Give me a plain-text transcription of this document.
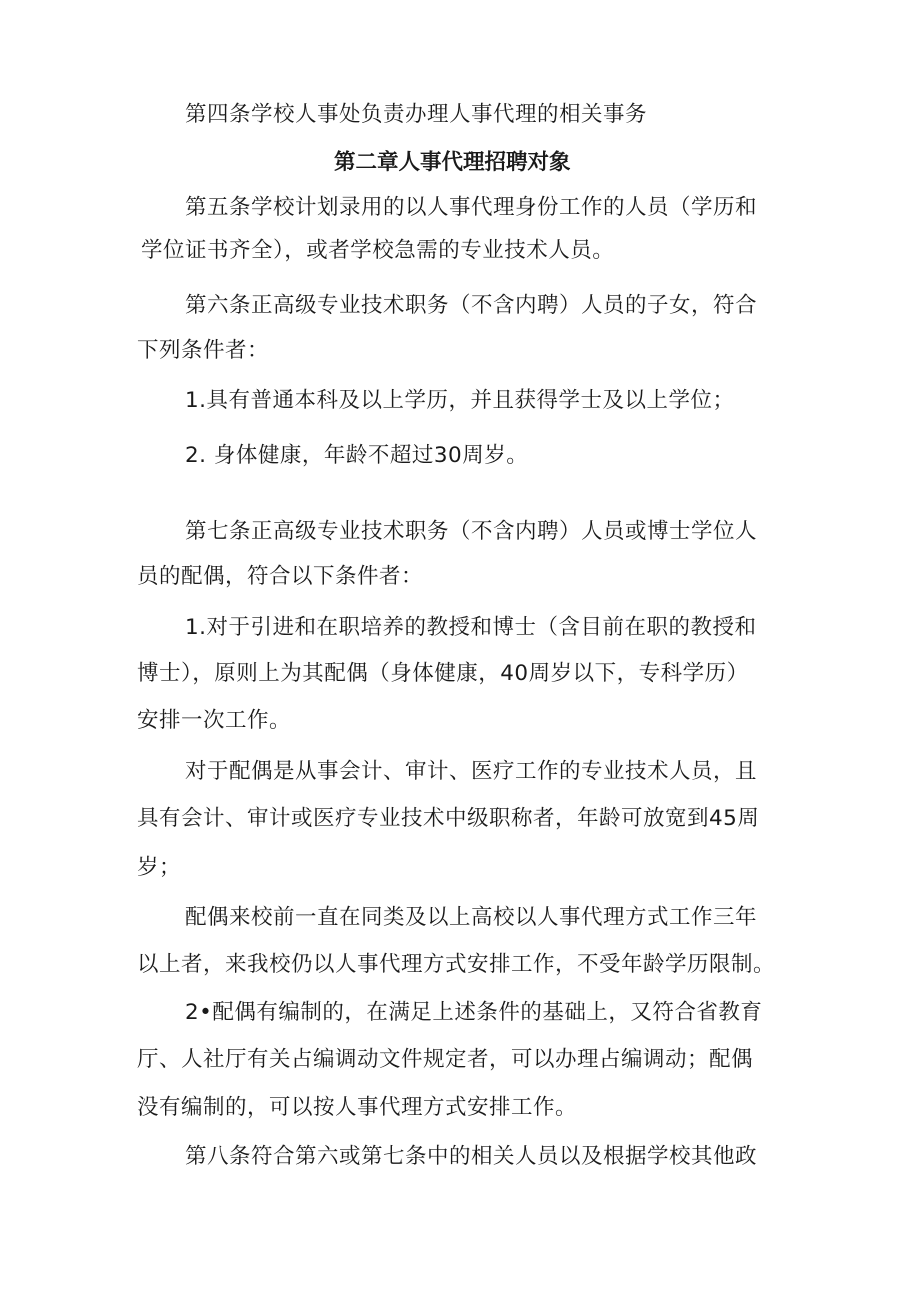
第四条学校人事处负责办理人事代理的相关事务
第二章人事代理招聘对象
第五条学校计划录用的以人事代理身份工作的人员（学历和
学位证书齐全），或者学校急需的专业技术人员。
第六条正高级专业技术职务（不含内聘）人员的子女，符合
下列条件者：
1.具有普通本科及以上学历，并且获得学士及以上学位；
2. 身体健康，年龄不超过30周岁。
第七条正高级专业技术职务（不含内聘）人员或博士学位人
员的配偶，符合以下条件者：
1.对于引进和在职培养的教授和博士（含目前在职的教授和
博士），原则上为其配偶（身体健康，40周岁以下，专科学历）
安排一次工作。
对于配偶是从事会计、审计、医疗工作的专业技术人员，且
具有会计、审计或医疗专业技术中级职称者，年龄可放宽到45周
岁；
配偶来校前一直在同类及以上高校以人事代理方式工作三年
以上者，来我校仍以人事代理方式安排工作，不受年龄学历限制。
2•配偶有编制的，在满足上述条件的基础上，又符合省教育
厅、人社厅有关占编调动文件规定者，可以办理占编调动；配偶
没有编制的，可以按人事代理方式安排工作。
第八条符合第六或第七条中的相关人员以及根据学校其他政
